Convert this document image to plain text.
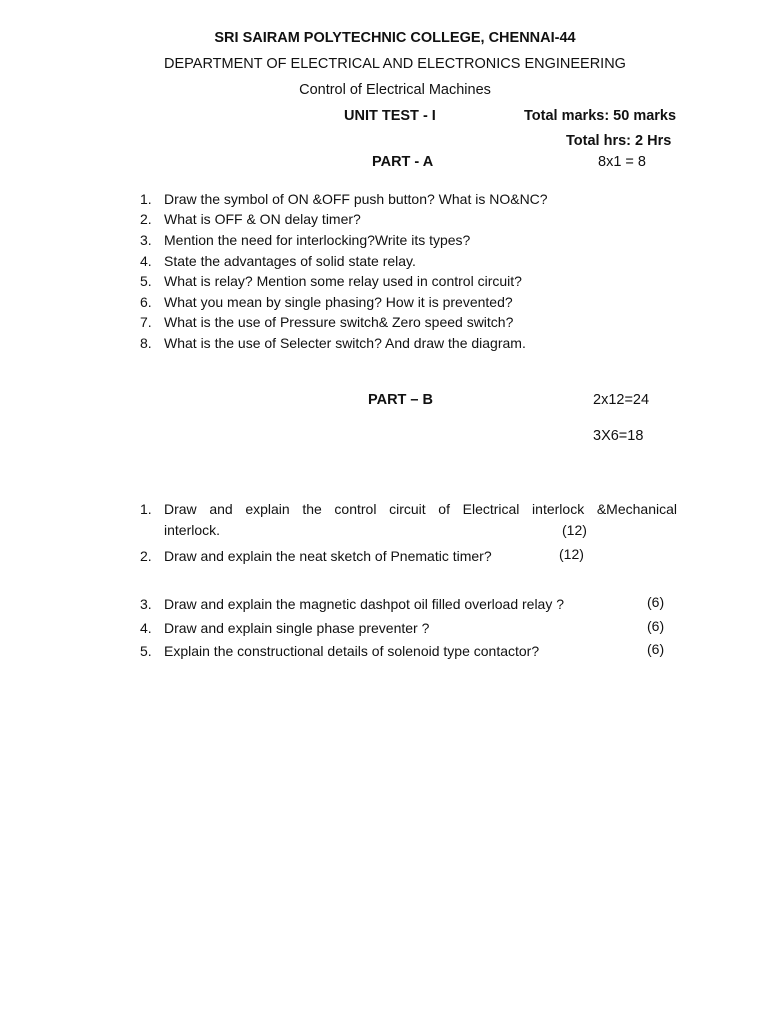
SRI SAIRAM POLYTECHNIC COLLEGE, CHENNAI-44
DEPARTMENT OF ELECTRICAL AND ELECTRONICS ENGINEERING
Control of Electrical Machines
UNIT TEST - I	Total marks: 50 marks
Total hrs: 2 Hrs
PART - A	8x1 = 8
1. Draw the symbol of ON &OFF push button? What is NO&NC?
2. What is OFF & ON delay timer?
3. Mention the need for interlocking?Write its types?
4. State the advantages of solid state relay.
5. What is relay? Mention some relay used in control circuit?
6. What you mean by single phasing? How it is prevented?
7. What is the use of Pressure switch& Zero speed switch?
8. What is the use of Selecter switch? And draw the diagram.
PART – B	2x12=24
3X6=18
1. Draw and explain the control circuit of Electrical interlock &Mechanical
interlock.	(12)
2. Draw and explain the neat sketch of Pnematic timer?	(12)
3. Draw and explain the magnetic dashpot oil filled overload relay ?	(6)
4. Draw and explain single phase preventer ?	(6)
5. Explain the constructional details of solenoid type contactor?	(6)
